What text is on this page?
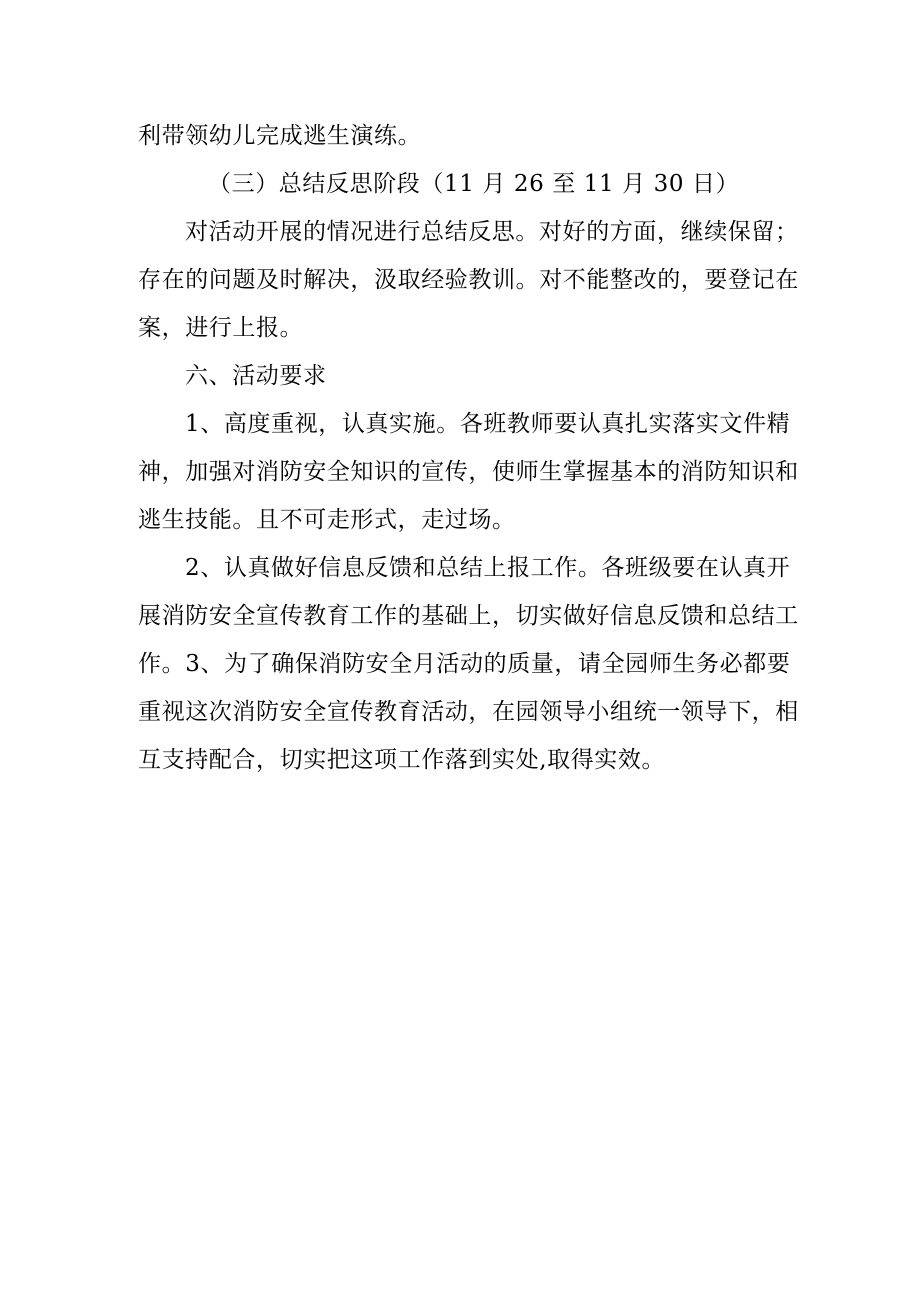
利带领幼儿完成逃生演练。
（三）总结反思阶段（11 月 26 至 11 月 30 日）
对活动开展的情况进行总结反思。对好的方面，继续保留；
存在的问题及时解决，汲取经验教训。对不能整改的，要登记在
案，进行上报。
六、活动要求
1、高度重视，认真实施。各班教师要认真扎实落实文件精
神，加强对消防安全知识的宣传，使师生掌握基本的消防知识和
逃生技能。且不可走形式，走过场。
2、认真做好信息反馈和总结上报工作。各班级要在认真开
展消防安全宣传教育工作的基础上，切实做好信息反馈和总结工
作。3、为了确保消防安全月活动的质量，请全园师生务必都要
重视这次消防安全宣传教育活动，在园领导小组统一领导下，相
互支持配合，切实把这项工作落到实处,取得实效。
